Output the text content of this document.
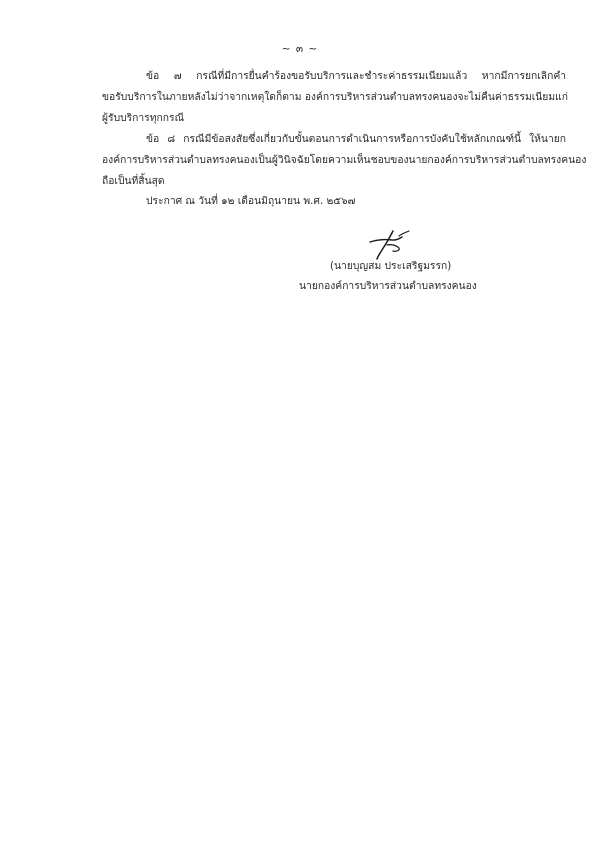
~ ๓ ~
ข้อ ๗ กรณีที่มีการยื่นคำร้องขอรับบริการและชำระค่าธรรมเนียมแล้ว หากมีการยกเลิกคำ
ขอรับบริการในภายหลังไม่ว่าจากเหตุใดก็ตาม องค์การบริหารส่วนตำบลทรงคนองจะไม่คืนค่าธรรมเนียมแก่
ผู้รับบริการทุกกรณี
ข้อ ๘ กรณีมีข้อสงสัยซึ่งเกี่ยวกับขั้นตอนการดำเนินการหรือการบังคับใช้หลักเกณฑ์นี้ ให้นายก
องค์การบริหารส่วนตำบลทรงคนองเป็นผู้วินิจฉัยโดยความเห็นชอบของนายกองค์การบริหารส่วนตำบลทรงคนอง
ถือเป็นที่สิ้นสุด
ประกาศ ณ วันที่ ๑๒ เดือนมิถุนายน พ.ศ. ๒๕๖๗
(นายบุญสม ประเสริฐมรรก)
นายกองค์การบริหารส่วนตำบลทรงคนอง
